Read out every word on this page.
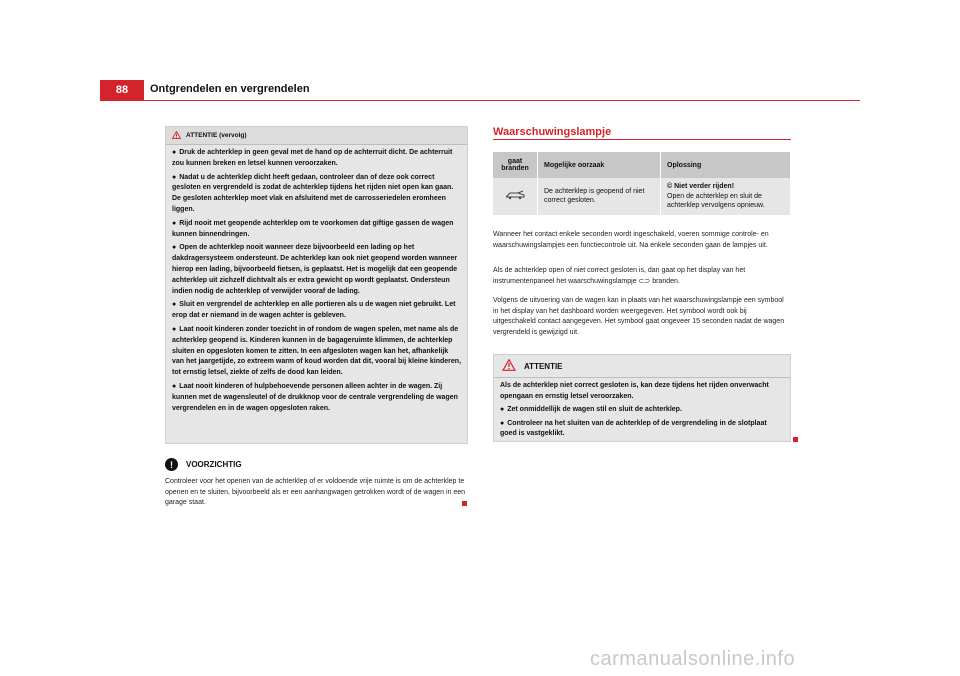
88	Ontgrendelen en vergrendelen
ATTENTIE (vervolg)

● Druk de achterklep in geen geval met de hand op de achterruit dicht. De achterruit zou kunnen breken en letsel kunnen veroorzaken.

● Nadat u de achterklep dicht heeft gedaan, controleer dan of deze ook correct gesloten en vergrendeld is zodat de achterklep tijdens het rijden niet open kan gaan. De gesloten achterklep moet vlak en afsluitend met de carrosseriedelen eromheen liggen.

● Rijd nooit met geopende achterklep om te voorkomen dat giftige gassen de wagen kunnen binnendringen.

● Open de achterklep nooit wanneer deze bijvoorbeeld een lading op het dakdragersysteem ondersteunt. De achterklep kan ook niet geopend worden wanneer hierop een lading, bijvoorbeeld fietsen, is geplaatst. Het is mogelijk dat een geopende achterklep uit zichzelf dichtvalt als er extra gewicht op wordt geplaatst. Ondersteun indien nodig de achterklep of verwijder vooraf de lading.

● Sluit en vergrendel de achterklep en alle portieren als u de wagen niet gebruikt. Let erop dat er niemand in de wagen achter is gebleven.

● Laat nooit kinderen zonder toezicht in of rondom de wagen spelen, met name als de achterklep geopend is. Kinderen kunnen in de bagageruimte klimmen, de achterklep sluiten en opgesloten komen te zitten. In een afgesloten wagen kan het, afhankelijk van het jaargetijde, zo extreem warm of koud worden dat dit, vooral bij kleine kinderen, tot ernstig letsel, ziekte of zelfs de dood kan leiden.

● Laat nooit kinderen of hulpbehoevende personen alleen achter in de wagen. Zij kunnen met de wagensleutel of de drukknop voor de centrale vergrendeling de wagen vergrendelen en in de wagen opgesloten raken.

!	VOORZICHTIG
Controleer voor het openen van de achterklep of er voldoende vrije ruimte is om de achterklep te openen en te sluiten, bijvoorbeeld als er een aanhangwagen getrokken wordt of de wagen in een garage staat.
Waarschuwingslampje
gaat branden	Mogelijke oorzaak	Oplossing
	De achterklep is geopend of niet correct gesloten.	© Niet verder rijden!
Open de achterklep en sluit de achterklep vervolgens opnieuw.

Wanneer het contact enkele seconden wordt ingeschakeld, voeren sommige controle- en waarschuwingslampjes een functiecontrole uit. Na enkele seconden gaan de lampjes uit.

Als de achterklep open of niet correct gesloten is, dan gaat op het display van het instrumentenpaneel het waarschuwingslampje ⊂⊃ branden.

Volgens de uitvoering van de wagen kan in plaats van het waarschuwingslampje een symbool in het display van het dashboard worden weergegeven. Het symbool wordt ook bij uitgeschakeld contact aangegeven. Het symbool gaat ongeveer 15 seconden nadat de wagen vergrendeld is gewijzigd uit.

ATTENTIE

Als de achterklep niet correct gesloten is, kan deze tijdens het rijden onverwacht opengaan en ernstig letsel veroorzaken.

● Zet onmiddellijk de wagen stil en sluit de achterklep.

● Controleer na het sluiten van de achterklep of de vergrendeling in de slotplaat goed is vastgeklikt.

carmanualsonline.info
